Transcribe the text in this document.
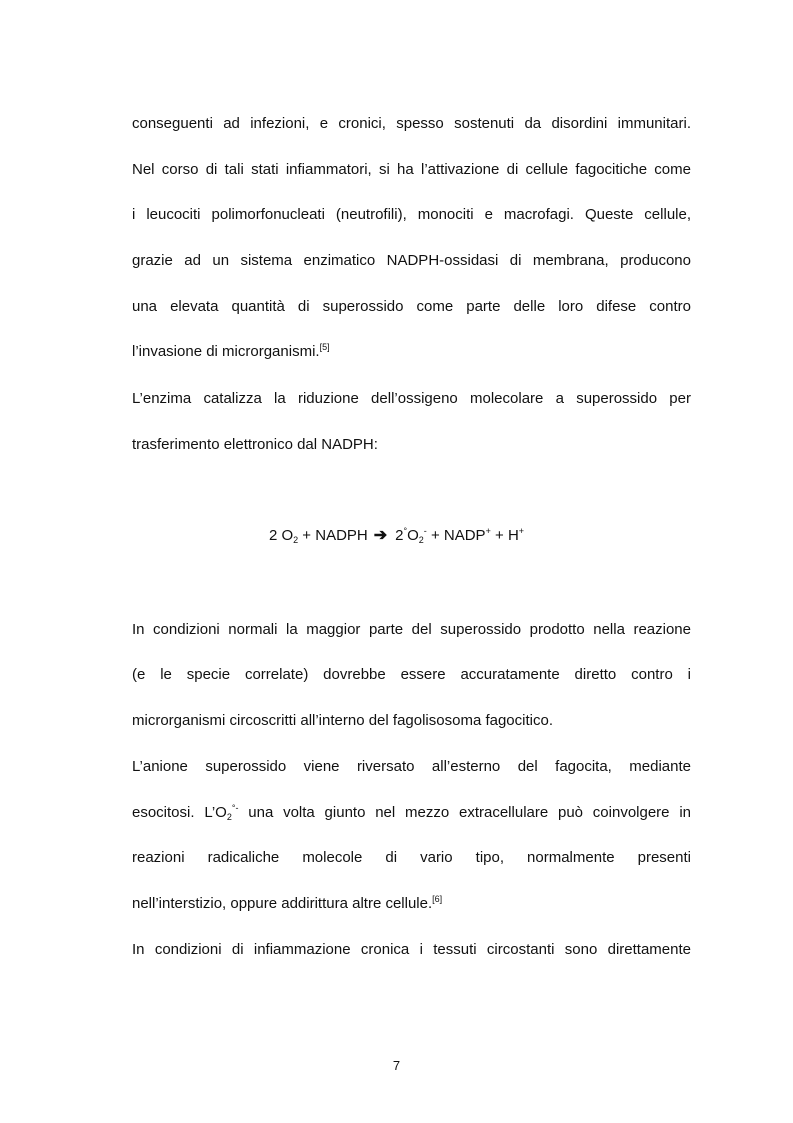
conseguenti ad infezioni, e cronici, spesso sostenuti da disordini immunitari.
Nel corso di tali stati infiammatori, si ha l’attivazione di cellule fagocitiche come
i leucociti polimorfonucleati (neutrofili), monociti e macrofagi. Queste cellule,
grazie ad un sistema enzimatico NADPH-ossidasi di membrana, producono
una elevata quantità di superossido come parte delle loro difese contro
l’invasione di microrganismi.[5]
L’enzima catalizza la riduzione dell’ossigeno molecolare a superossido per
trasferimento elettronico dal NADPH:
2 $O_2$ + NADPH ➔ $2^\circ O_2^-$ + NADP+ + H+
In condizioni normali la maggior parte del superossido prodotto nella reazione
(e le specie correlate) dovrebbe essere accuratamente diretto contro i
microrganismi circoscritti all’interno del fagolisosoma fagocitico.
L’anione superossido viene riversato all’esterno del fagocita, mediante
esocitosi. $L’O_2^{^\circ-}$ una volta giunto nel mezzo extracellulare può coinvolgere in
reazioni radicaliche molecole di vario tipo, normalmente presenti
nell’interstizio, oppure addirittura altre cellule.[6]
In condizioni di infiammazione cronica i tessuti circostanti sono direttamente
7
